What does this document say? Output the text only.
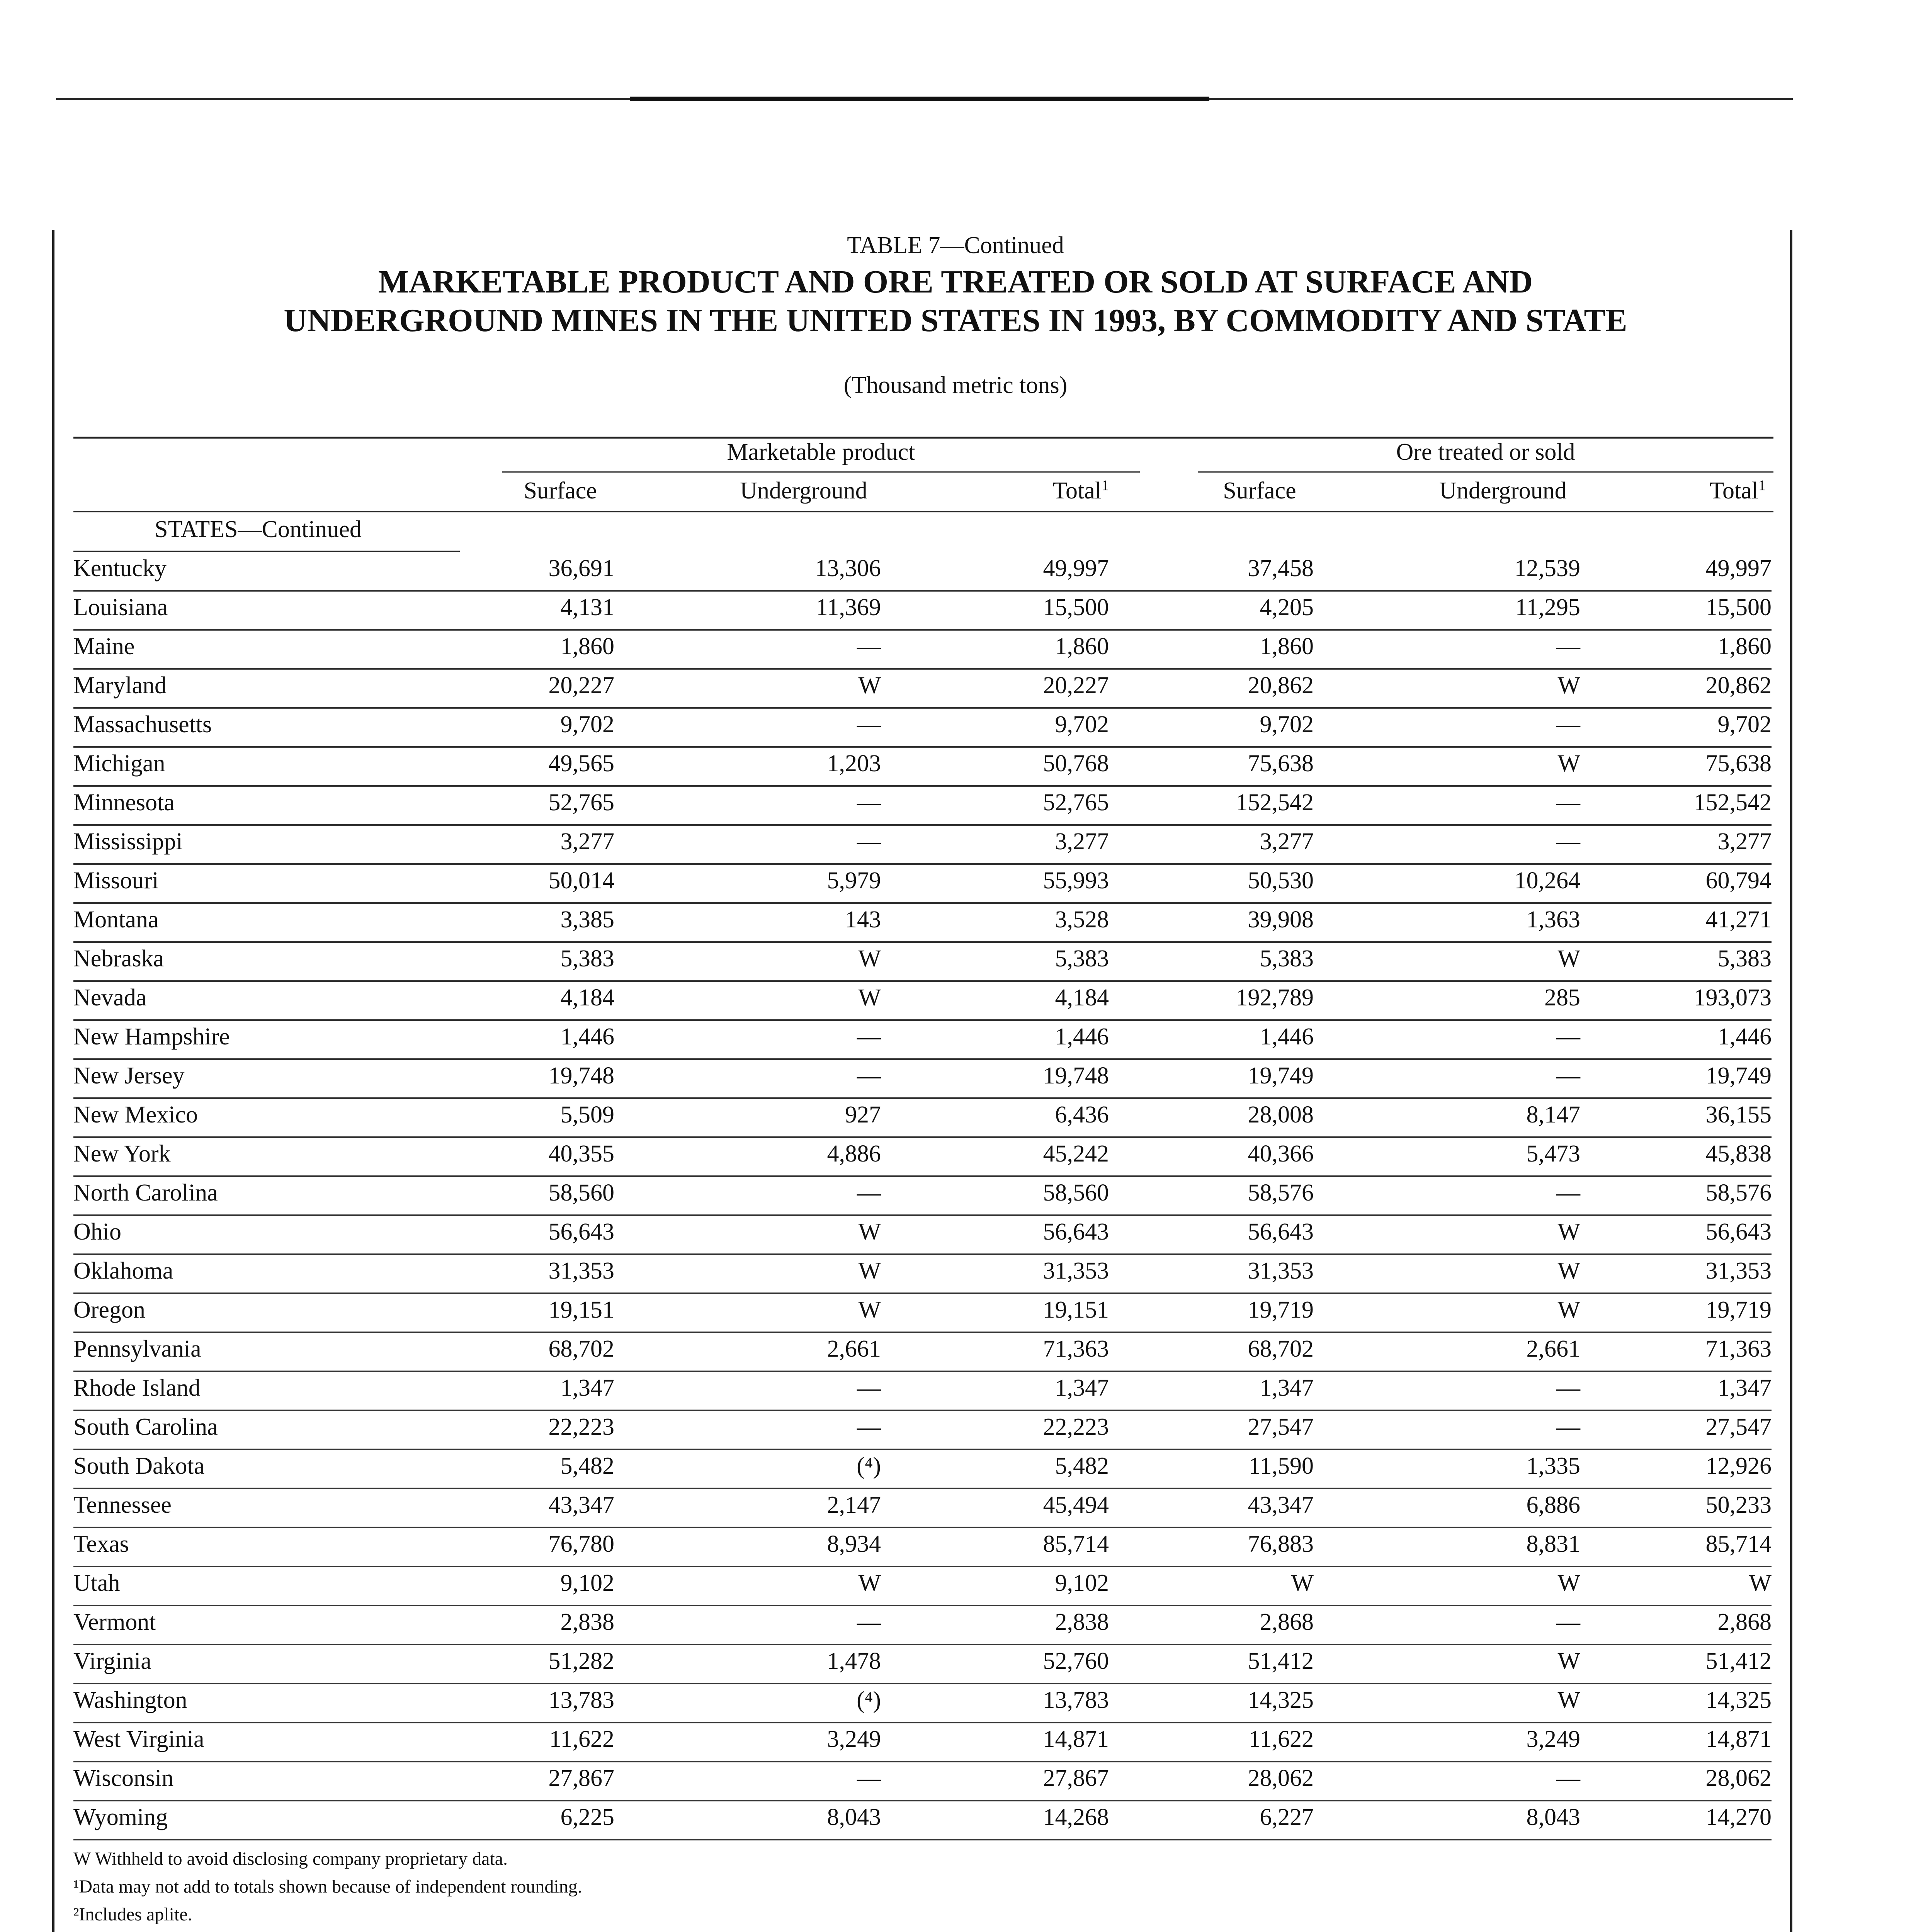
TABLE 7—Continued
MARKETABLE PRODUCT AND ORE TREATED OR SOLD AT SURFACE AND
UNDERGROUND MINES IN THE UNITED STATES IN 1993, BY COMMODITY AND STATE
(Thousand metric tons)
Marketable product	Ore treated or sold
Surface	Underground	Total$^1$	Surface	Underground	Total$^1$
STATES—Continued
Kentucky	36,691	13,306	49,997	37,458	12,539	49,997
Louisiana	4,131	11,369	15,500	4,205	11,295	15,500
Maine	1,860	—	1,860	1,860	—	1,860
Maryland	20,227	W	20,227	20,862	W	20,862
Massachusetts	9,702	—	9,702	9,702	—	9,702
Michigan	49,565	1,203	50,768	75,638	W	75,638
Minnesota	52,765	—	52,765	152,542	—	152,542
Mississippi	3,277	—	3,277	3,277	—	3,277
Missouri	50,014	5,979	55,993	50,530	10,264	60,794
Montana	3,385	143	3,528	39,908	1,363	41,271
Nebraska	5,383	W	5,383	5,383	W	5,383
Nevada	4,184	W	4,184	192,789	285	193,073
New Hampshire	1,446	—	1,446	1,446	—	1,446
New Jersey	19,748	—	19,748	19,749	—	19,749
New Mexico	5,509	927	6,436	28,008	8,147	36,155
New York	40,355	4,886	45,242	40,366	5,473	45,838
North Carolina	58,560	—	58,560	58,576	—	58,576
Ohio	56,643	W	56,643	56,643	W	56,643
Oklahoma	31,353	W	31,353	31,353	W	31,353
Oregon	19,151	W	19,151	19,719	W	19,719
Pennsylvania	68,702	2,661	71,363	68,702	2,661	71,363
Rhode Island	1,347	—	1,347	1,347	—	1,347
South Carolina	22,223	—	22,223	27,547	—	27,547
South Dakota	5,482	(⁴)	5,482	11,590	1,335	12,926
Tennessee	43,347	2,147	45,494	43,347	6,886	50,233
Texas	76,780	8,934	85,714	76,883	8,831	85,714
Utah	9,102	W	9,102	W	W	W
Vermont	2,838	—	2,838	2,868	—	2,868
Virginia	51,282	1,478	52,760	51,412	W	51,412
Washington	13,783	(⁴)	13,783	14,325	W	14,325
West Virginia	11,622	3,249	14,871	11,622	3,249	14,871
Wisconsin	27,867	—	27,867	28,062	—	28,062
Wyoming	6,225	8,043	14,268	6,227	8,043	14,270
W Withheld to avoid disclosing company proprietary data.
¹Data may not add to totals shown because of independent rounding.
²Includes aplite.
